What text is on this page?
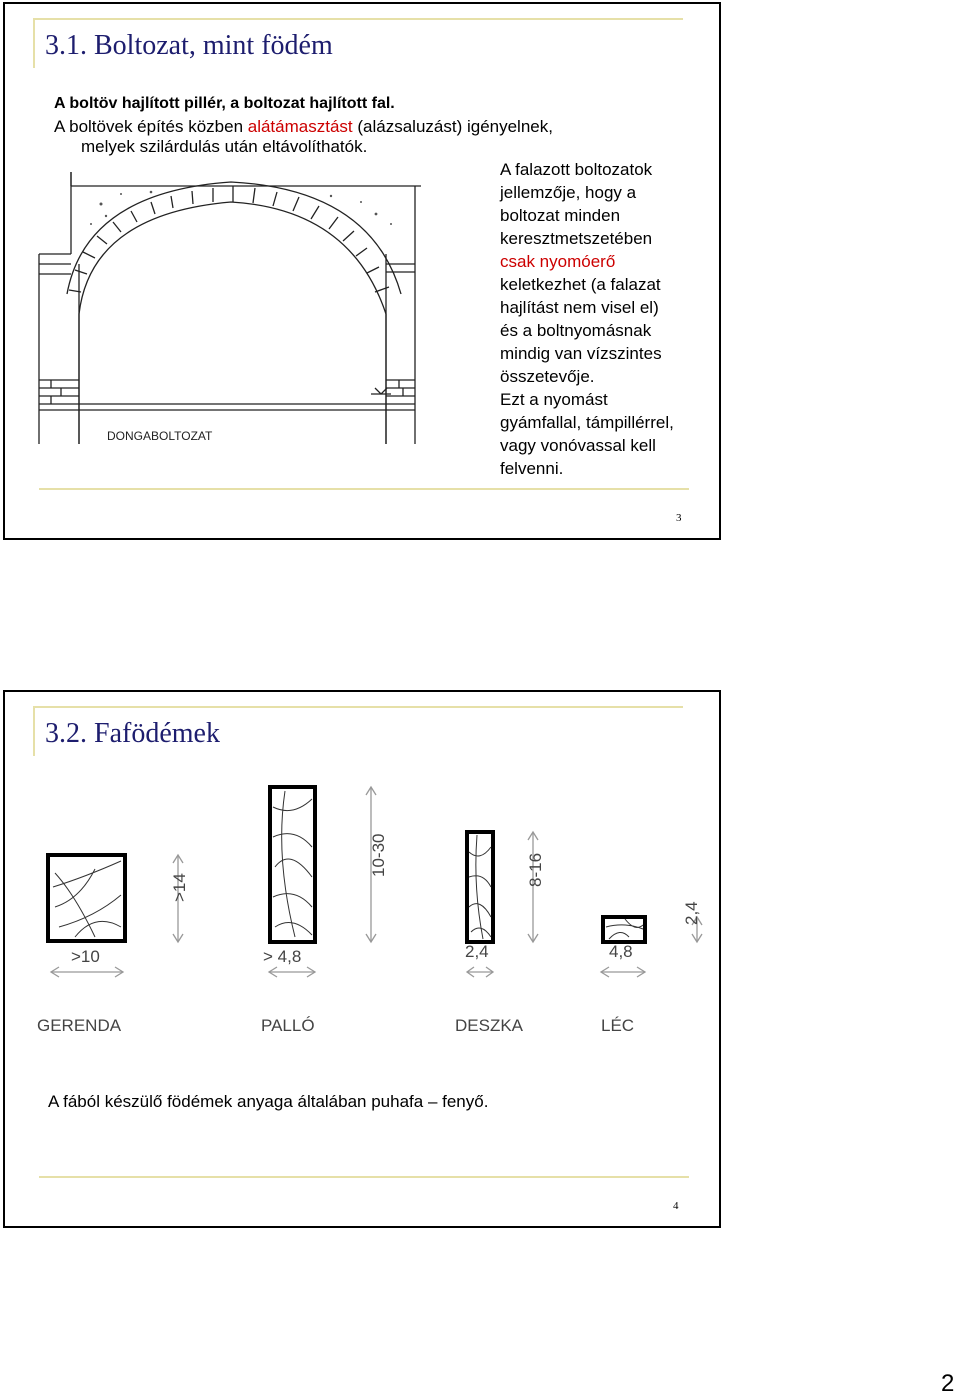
3.1. Boltozat, mint födém
A boltöv hajlított pillér, a boltozat hajlított fal.
A boltövek építés közben alátámasztást (alázsaluzást) igényelnek,
melyek szilárdulás után eltávolíthatók.
DONGABOLTOZAT
A falazott boltozatok
jellemzője, hogy a
boltozat minden
keresztmetszetében
csak nyomóerő
keletkezhet (a falazat
hajlítást nem visel el)
és a boltnyomásnak
mindig van vízszintes
összetevője.
Ezt a nyomást
gyámfallal, támpillérrel,
vagy vonóvassal kell
felvenni.
3
3.2. Fafödémek
>14
>10
GERENDA
10-30
> 4,8
PALLÓ
8-16
2,4
DESZKA
2,4
4,8
LÉC
A fából készülő födémek anyaga általában puhafa – fenyő.
4
2
